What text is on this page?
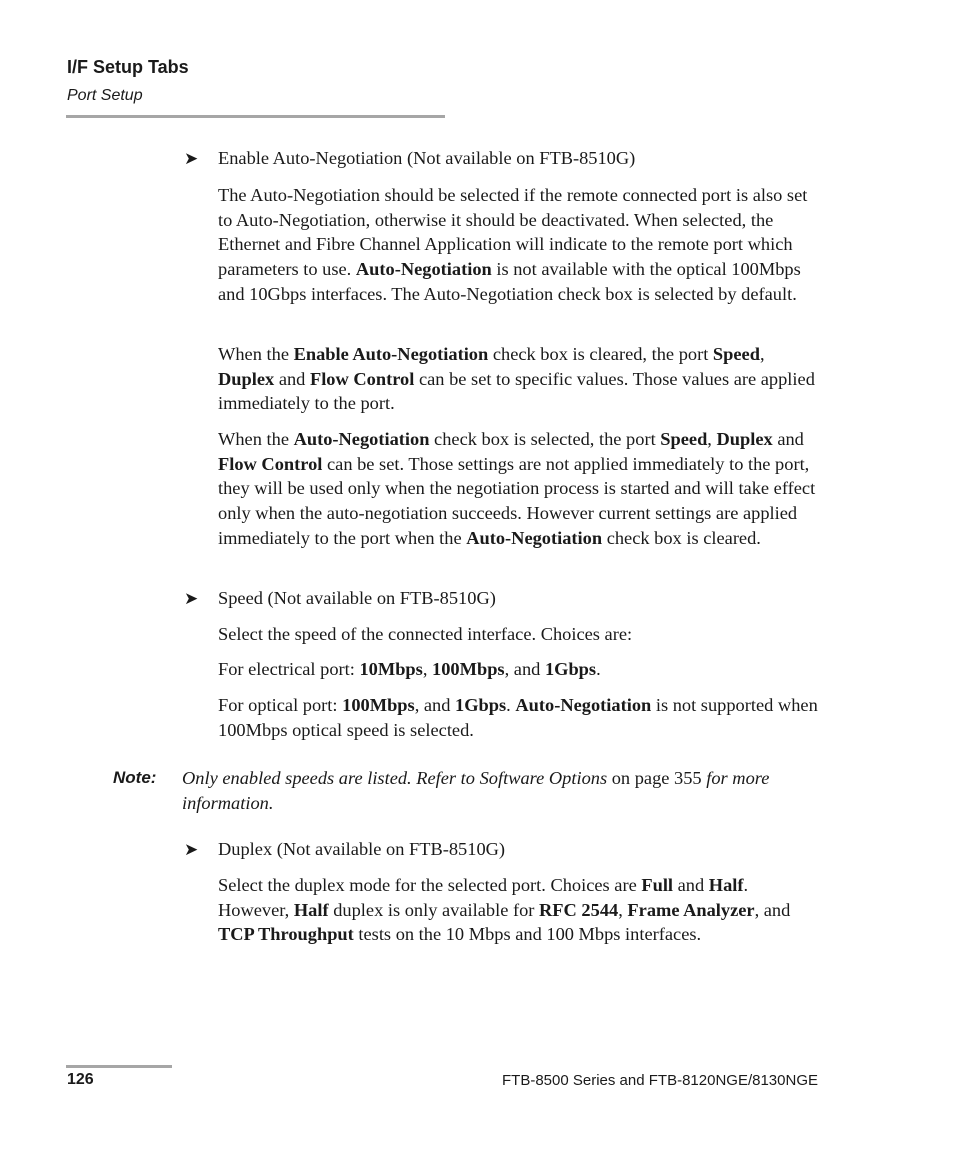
I/F Setup Tabs
Port Setup
➤ Enable Auto-Negotiation (Not available on FTB-8510G)
The Auto-Negotiation should be selected if the remote connected port is also set to Auto-Negotiation, otherwise it should be deactivated. When selected, the Ethernet and Fibre Channel Application will indicate to the remote port which parameters to use. Auto-Negotiation is not available with the optical 100Mbps and 10Gbps interfaces. The Auto-Negotiation check box is selected by default.
When the Enable Auto-Negotiation check box is cleared, the port Speed, Duplex and Flow Control can be set to specific values. Those values are applied immediately to the port.
When the Auto-Negotiation check box is selected, the port Speed, Duplex and Flow Control can be set. Those settings are not applied immediately to the port, they will be used only when the negotiation process is started and will take effect only when the auto-negotiation succeeds. However current settings are applied immediately to the port when the Auto-Negotiation check box is cleared.
➤ Speed (Not available on FTB-8510G)
Select the speed of the connected interface. Choices are:
For electrical port: 10Mbps, 100Mbps, and 1Gbps.
For optical port: 100Mbps, and 1Gbps. Auto-Negotiation is not supported when 100Mbps optical speed is selected.
Note: Only enabled speeds are listed. Refer to Software Options on page 355 for more information.
➤ Duplex (Not available on FTB-8510G)
Select the duplex mode for the selected port. Choices are Full and Half. However, Half duplex is only available for RFC 2544, Frame Analyzer, and TCP Throughput tests on the 10 Mbps and 100 Mbps interfaces.
126	FTB-8500 Series and FTB-8120NGE/8130NGE
